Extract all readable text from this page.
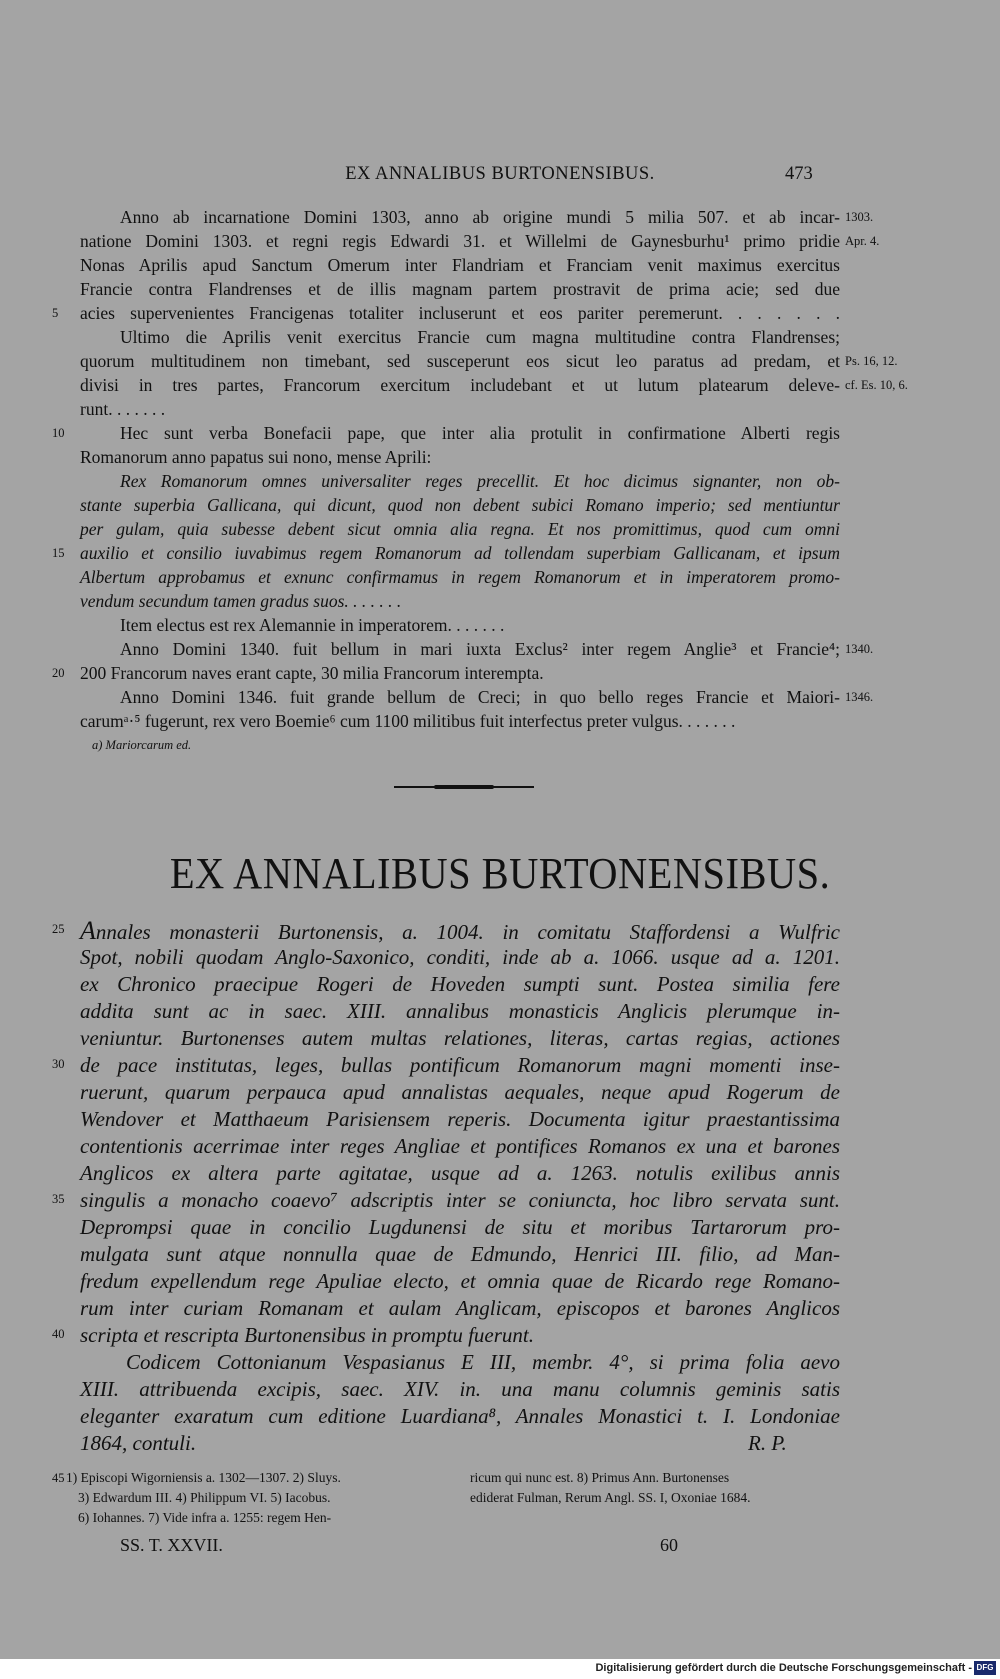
EX ANNALIBUS BURTONENSIBUS.	473
Anno ab incarnatione Domini 1303, anno ab origine mundi 5 milia 507. et ab incar-
natione Domini 1303. et regni regis Edwardi 31. et Willelmi de Gaynesburhu¹ primo pridie
Nonas Aprilis apud Sanctum Omerum inter Flandriam et Franciam venit maximus exercitus
Francie contra Flandrenses et de illis magnam partem prostravit de prima acie; sed due
acies supervenientes Francigenas totaliter incluserunt et eos pariter peremerunt. . . . . . .
Ultimo die Aprilis venit exercitus Francie cum magna multitudine contra Flandrenses;
quorum multitudinem non timebant, sed susceperunt eos sicut leo paratus ad predam, et
divisi in tres partes, Francorum exercitum includebant et ut lutum platearum deleve-
runt. . . . . . .
Hec sunt verba Bonefacii pape, que inter alia protulit in confirmatione Alberti regis
Romanorum anno papatus sui nono, mense Aprili:
Rex Romanorum omnes universaliter reges precellit. Et hoc dicimus signanter, non ob-
stante superbia Gallicana, qui dicunt, quod non debent subici Romano imperio; sed mentiuntur
per gulam, quia subesse debent sicut omnia alia regna. Et nos promittimus, quod cum omni
auxilio et consilio iuvabimus regem Romanorum ad tollendam superbiam Gallicanam, et ipsum
Albertum approbamus et exnunc confirmamus in regem Romanorum et in imperatorem promo-
vendum secundum tamen gradus suos. . . . . . .
Item electus est rex Alemannie in imperatorem. . . . . . .
Anno Domini 1340. fuit bellum in mari iuxta Exclus² inter regem Anglie³ et Francie⁴;
200 Francorum naves erant capte, 30 milia Francorum interempta.
Anno Domini 1346. fuit grande bellum de Creci; in quo bello reges Francie et Maiori-
carumᵃ·⁵ fugerunt, rex vero Boemie⁶ cum 1100 militibus fuit interfectus preter vulgus. . . . . . .
5
10
15
20
25
30
35
40
45
1303.
Apr. 4.
Ps. 16, 12.
cf. Es. 10, 6.
1340.
1346.
a) Mariorcarum ed.
EX ANNALIBUS BURTONENSIBUS.
Annales monasterii Burtonensis, a. 1004. in comitatu Staffordensi a Wulfric
Spot, nobili quodam Anglo-Saxonico, conditi, inde ab a. 1066. usque ad a. 1201.
ex Chronico praecipue Rogeri de Hoveden sumpti sunt. Postea similia fere
addita sunt ac in saec. XIII. annalibus monasticis Anglicis plerumque in-
veniuntur. Burtonenses autem multas relationes, literas, cartas regias, actiones
de pace institutas, leges, bullas pontificum Romanorum magni momenti inse-
ruerunt, quarum perpauca apud annalistas aequales, neque apud Rogerum de
Wendover et Matthaeum Parisiensem reperis. Documenta igitur praestantissima
contentionis acerrimae inter reges Angliae et pontifices Romanos ex una et barones
Anglicos ex altera parte agitatae, usque ad a. 1263. notulis exilibus annis
singulis a monacho coaevo⁷ adscriptis inter se coniuncta, hoc libro servata sunt.
Deprompsi quae in concilio Lugdunensi de situ et moribus Tartarorum pro-
mulgata sunt atque nonnulla quae de Edmundo, Henrici III. filio, ad Man-
fredum expellendum rege Apuliae electo, et omnia quae de Ricardo rege Romano-
rum inter curiam Romanam et aulam Anglicam, episcopos et barones Anglicos
scripta et rescripta Burtonensibus in promptu fuerunt.
Codicem Cottonianum Vespasianus E III, membr. 4°, si prima folia aevo
XIII. attribuenda excipis, saec. XIV. in. una manu columnis geminis satis
eleganter exaratum cum editione Luardiana⁸, Annales Monastici t. I. Londoniae
1864, contuli.	R. P.
1) Episcopi Wigorniensis a. 1302—1307. 2) Sluys.
3) Edwardum III. 4) Philippum VI. 5) Iacobus.
6) Iohannes. 7) Vide infra a. 1255: regem Hen-
ricum qui nunc est. 8) Primus Ann. Burtonenses
ediderat Fulman, Rerum Angl. SS. I, Oxoniae 1684.
SS. T. XXVII.	60
Digitalisierung gefördert durch die Deutsche Forschungsgemeinschaft - DFG
